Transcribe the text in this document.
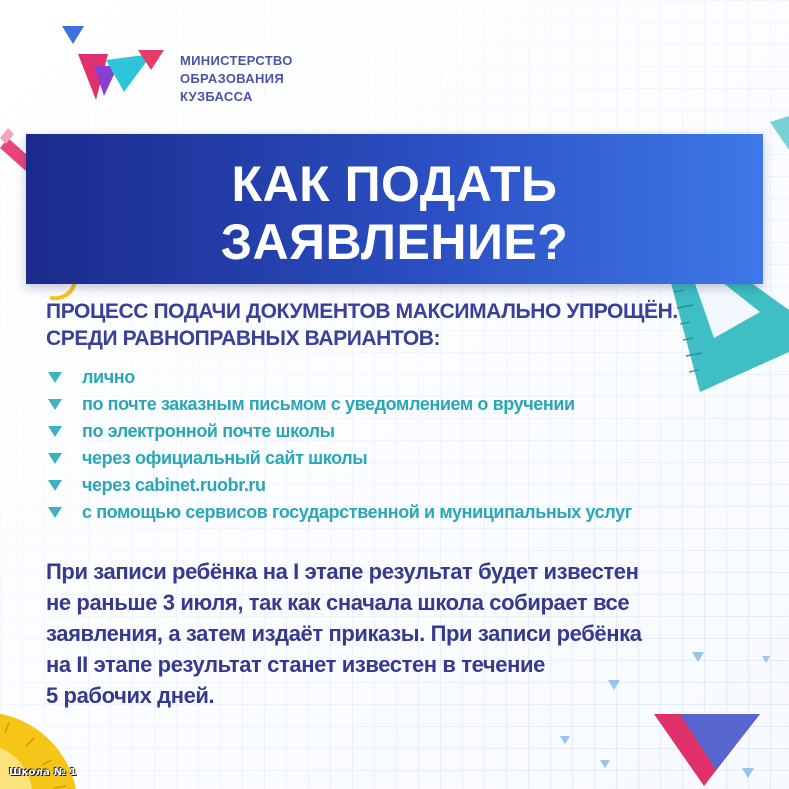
МИНИСТЕРСТВО
ОБРАЗОВАНИЯ
КУЗБАССА
КАК ПОДАТЬ
ЗАЯВЛЕНИЕ?
ПРОЦЕСС ПОДАЧИ ДОКУМЕНТОВ МАКСИМАЛЬНО УПРОЩЁН.
СРЕДИ РАВНОПРАВНЫХ ВАРИАНТОВ:
лично
по почте заказным письмом с уведомлением о вручении
по электронной почте школы
через официальный сайт школы
через cabinet.ruobr.ru
с помощью сервисов государственной и муниципальных услуг
При записи ребёнка на I этапе результат будет известен
не раньше 3 июля, так как сначала школа собирает все
заявления, а затем издаёт приказы. При записи ребёнка
на II этапе результат станет известен в течение
5 рабочих дней.
Школа № 1
